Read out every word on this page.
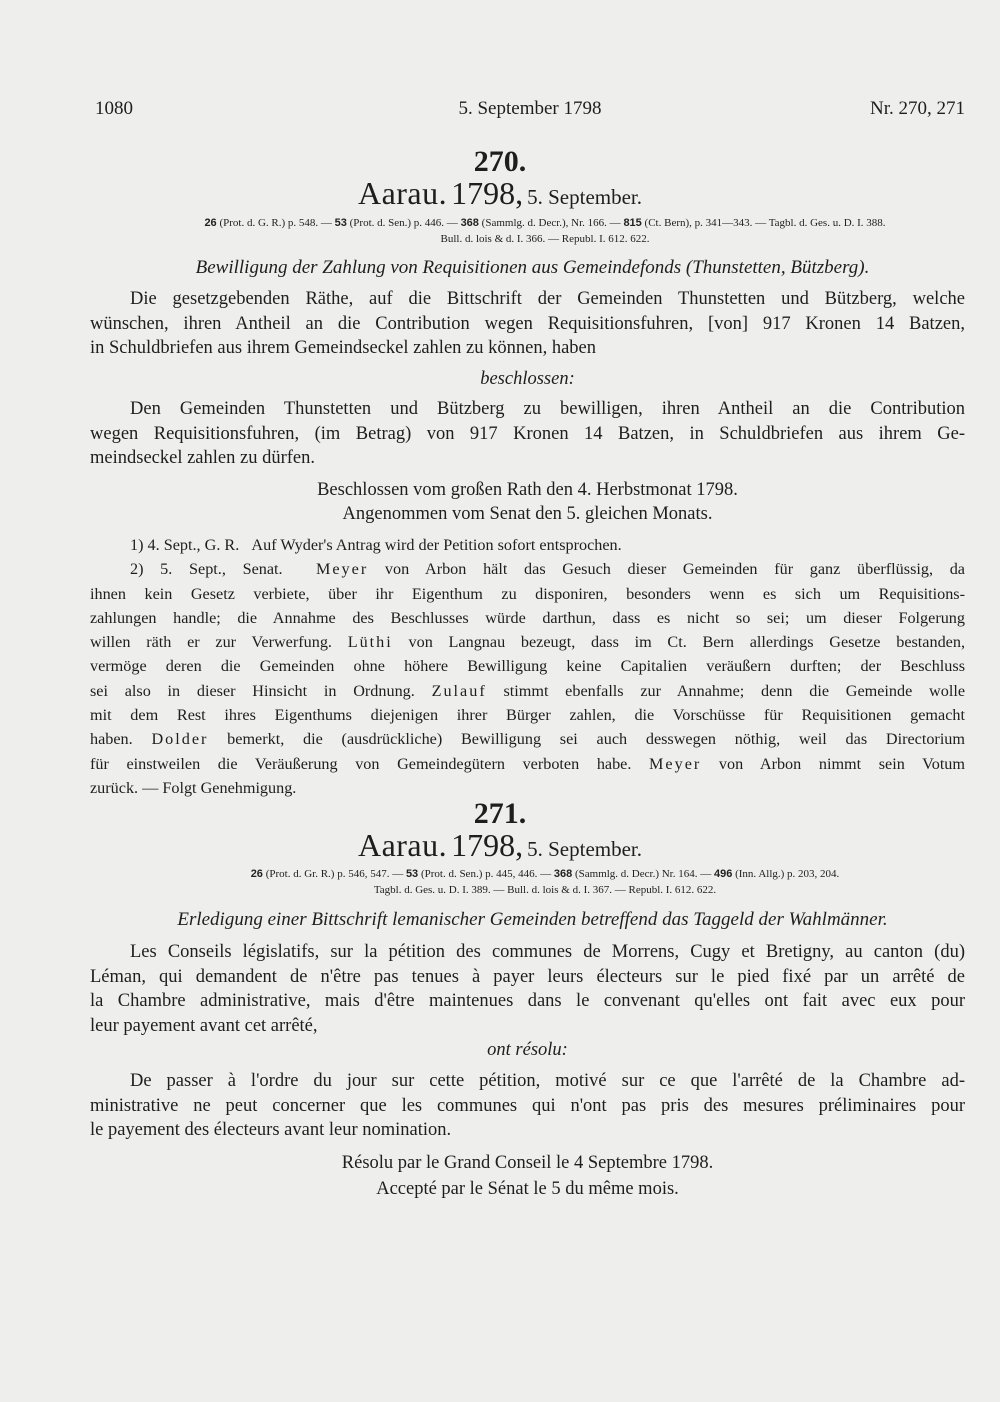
1080	5. September 1798	Nr. 270, 271
270.
Aarau. 1798, 5. September.
26 (Prot. d. G. R.) p. 548. — 53 (Prot. d. Sen.) p. 446. — 368 (Sammlg. d. Decr.), Nr. 166. — 815 (Ct. Bern), p. 341—343. — Tagbl. d. Ges. u. D. I. 388.
Bull. d. lois & d. I. 366. — Republ. I. 612. 622.
Bewilligung der Zahlung von Requisitionen aus Gemeindefonds (Thunstetten, Bützberg).
Die gesetzgebenden Räthe, auf die Bittschrift der Gemeinden Thunstetten und Bützberg, welche
wünschen, ihren Antheil an die Contribution wegen Requisitionsfuhren, [von] 917 Kronen 14 Batzen,
in Schuldbriefen aus ihrem Gemeindseckel zahlen zu können, haben
beschlossen:
Den Gemeinden Thunstetten und Bützberg zu bewilligen, ihren Antheil an die Contribution
wegen Requisitionsfuhren, (im Betrag) von 917 Kronen 14 Batzen, in Schuldbriefen aus ihrem Ge-
meindseckel zahlen zu dürfen.
Beschlossen vom großen Rath den 4. Herbstmonat 1798.
Angenommen vom Senat den 5. gleichen Monats.
1) 4. Sept., G. R. Auf Wyder's Antrag wird der Petition sofort entsprochen.
2) 5. Sept., Senat. Meyer von Arbon hält das Gesuch dieser Gemeinden für ganz überflüssig, da
ihnen kein Gesetz verbiete, über ihr Eigenthum zu disponiren, besonders wenn es sich um Requisitions-
zahlungen handle; die Annahme des Beschlusses würde darthun, dass es nicht so sei; um dieser Folgerung
willen räth er zur Verwerfung. Lüthi von Langnau bezeugt, dass im Ct. Bern allerdings Gesetze bestanden,
vermöge deren die Gemeinden ohne höhere Bewilligung keine Capitalien veräußern durften; der Beschluss
sei also in dieser Hinsicht in Ordnung. Zulauf stimmt ebenfalls zur Annahme; denn die Gemeinde wolle
mit dem Rest ihres Eigenthums diejenigen ihrer Bürger zahlen, die Vorschüsse für Requisitionen gemacht
haben. Dolder bemerkt, die (ausdrückliche) Bewilligung sei auch desswegen nöthig, weil das Directorium
für einstweilen die Veräußerung von Gemeindegütern verboten habe. Meyer von Arbon nimmt sein Votum
zurück. — Folgt Genehmigung.
271.
Aarau. 1798, 5. September.
26 (Prot. d. Gr. R.) p. 546, 547. — 53 (Prot. d. Sen.) p. 445, 446. — 368 (Sammlg. d. Decr.) Nr. 164. — 496 (Inn. Allg.) p. 203, 204.
Tagbl. d. Ges. u. D. I. 389. — Bull. d. lois & d. I. 367. — Republ. I. 612. 622.
Erledigung einer Bittschrift lemanischer Gemeinden betreffend das Taggeld der Wahlmänner.
Les Conseils législatifs, sur la pétition des communes de Morrens, Cugy et Bretigny, au canton (du)
Léman, qui demandent de n'être pas tenues à payer leurs électeurs sur le pied fixé par un arrêté de
la Chambre administrative, mais d'être maintenues dans le convenant qu'elles ont fait avec eux pour
leur payement avant cet arrêté,
ont résolu:
De passer à l'ordre du jour sur cette pétition, motivé sur ce que l'arrêté de la Chambre ad-
ministrative ne peut concerner que les communes qui n'ont pas pris des mesures préliminaires pour
le payement des électeurs avant leur nomination.
Résolu par le Grand Conseil le 4 Septembre 1798.
Accepté par le Sénat le 5 du même mois.
